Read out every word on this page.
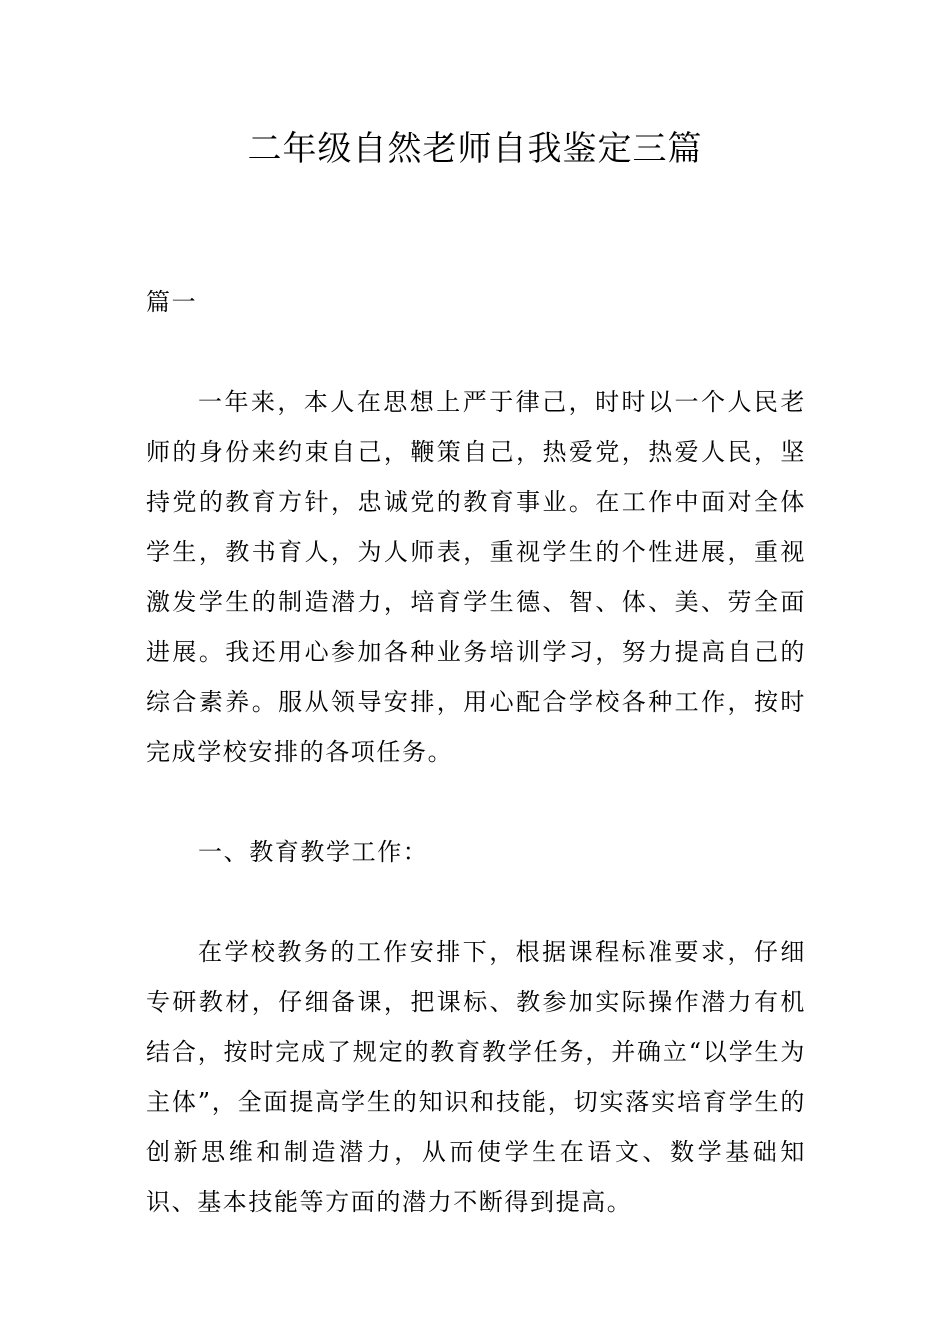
二年级自然老师自我鉴定三篇

篇一

一年来，本人在思想上严于律己，时时以一个人民老师的身份来约束自己，鞭策自己，热爱党，热爱人民，坚持党的教育方针，忠诚党的教育事业。在工作中面对全体学生，教书育人，为人师表，重视学生的个性进展，重视激发学生的制造潜力，培育学生德、智、体、美、劳全面进展。我还用心参加各种业务培训学习，努力提高自己的综合素养。服从领导安排，用心配合学校各种工作，按时完成学校安排的各项任务。

一、教育教学工作：

在学校教务的工作安排下，根据课程标准要求，仔细专研教材，仔细备课，把课标、教参加实际操作潜力有机结合，按时完成了规定的教育教学任务，并确立“以学生为主体”，全面提高学生的知识和技能，切实落实培育学生的创新思维和制造潜力，从而使学生在语文、数学基础知识、基本技能等方面的潜力不断得到提高。
